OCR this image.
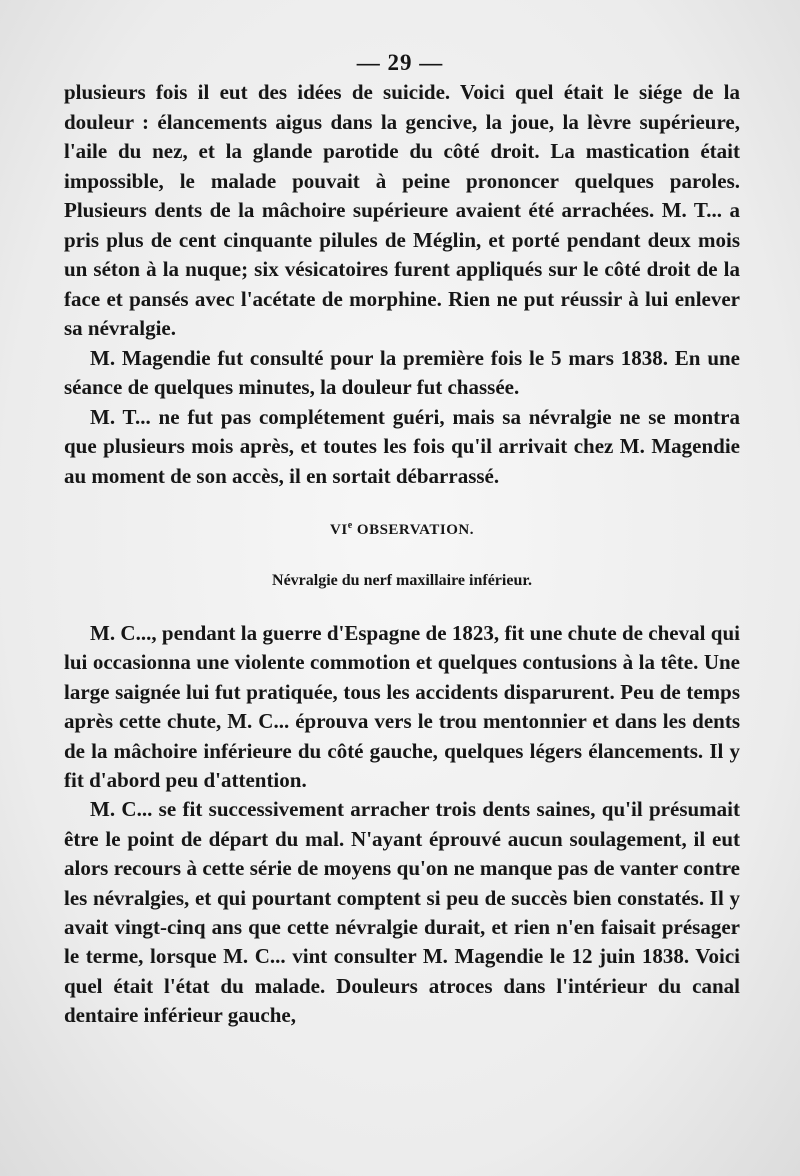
— 29 —

plusieurs fois il eut des idées de suicide. Voici quel était le siége de la douleur : élancements aigus dans la gencive, la joue, la lèvre supérieure, l'aile du nez, et la glande parotide du côté droit. La mastication était impossible, le malade pouvait à peine prononcer quelques paroles. Plusieurs dents de la mâchoire supérieure avaient été arrachées. M. T... a pris plus de cent cinquante pilules de Méglin, et porté pendant deux mois un séton à la nuque; six vésicatoires furent appliqués sur le côté droit de la face et pansés avec l'acétate de morphine. Rien ne put réussir à lui enlever sa névralgie.

M. Magendie fut consulté pour la première fois le 5 mars 1838. En une séance de quelques minutes, la douleur fut chassée.

M. T... ne fut pas complétement guéri, mais sa névralgie ne se montra que plusieurs mois après, et toutes les fois qu'il arrivait chez M. Magendie au moment de son accès, il en sortait débarrassé.

VIe OBSERVATION.
Névralgie du nerf maxillaire inférieur.

M. C..., pendant la guerre d'Espagne de 1823, fit une chute de cheval qui lui occasionna une violente commotion et quelques contusions à la tête. Une large saignée lui fut pratiquée, tous les accidents disparurent. Peu de temps après cette chute, M. C... éprouva vers le trou mentonnier et dans les dents de la mâchoire inférieure du côté gauche, quelques légers élancements. Il y fit d'abord peu d'attention.

M. C... se fit successivement arracher trois dents saines, qu'il présumait être le point de départ du mal. N'ayant éprouvé aucun soulagement, il eut alors recours à cette série de moyens qu'on ne manque pas de vanter contre les névralgies, et qui pourtant comptent si peu de succès bien constatés. Il y avait vingt-cinq ans que cette névralgie durait, et rien n'en faisait présager le terme, lorsque M. C... vint consulter M. Magendie le 12 juin 1838. Voici quel était l'état du malade. Douleurs atroces dans l'intérieur du canal dentaire inférieur gauche,
